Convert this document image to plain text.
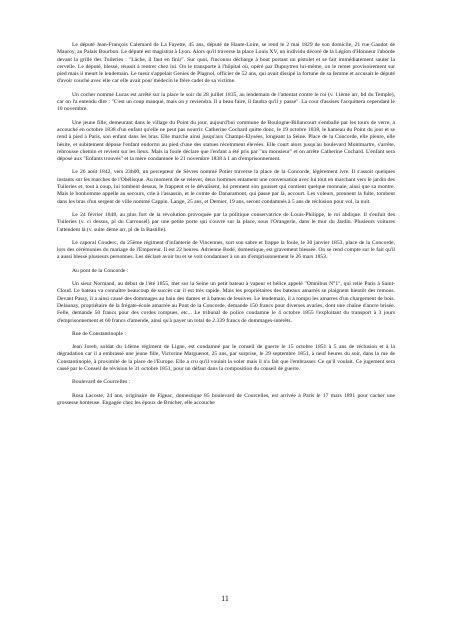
Le député Jean-François Calemard de La Fayette, 45 ans, député de Haute-Loire, se rend le 2 mai 1829 de son domicile, 21 rue Gaudot de Mauroy, au Palais Bourbon. Le député est magistrat à Lyon. Alors qu'il traverse la place Louis XV, un individu décoré de la Légion d'Honneur l'aborde devant la grille des Tuileries : "Lâche, il faut en finir". Sur quoi, l'inconnu décharge à bout portant un pistolet et se fait immédiatement sauter la cervelle. Le député, blessé, réussit à rentrer chez lui. On le transporte à l'hôpital où, opéré par Dupuytren lui-même, on le remet provisoirement sur pied mais il meurt le lendemain. Le tueur s'appelait Genies de Plagnol, officier de 52 ans, qui avait dissipé la fortune de sa femme et accusait le député d'avoir couché avec elle car elle avait pour médecin le frère cadet de sa victime.

Un cocher nommé Lucas est arrêté sur la place le soir du 28 juillet 1835, au lendemain de l'attentat contre le roi (v. 11ème arr, bd du Temple), car on l'a entendu dire : "C'est un coup manqué, mais on y reviendra. Il a beau faire, il faudra qu'il y passe". La cour d'assises l'acquittera cependant le 10 novembre.

Une jeune fille, demeurant dans le village du Point du jour, aujourd'hui commune de Boulogne-Billancourt s'emballe par les tours de verre, a accouché en octobre 1838 d'un enfant qu'elle ne peut pas nourrir. Catherine Cochard quitte donc, le 19 octobre 1838, le hameau du Point du jour et se rend à pied à Paris, son enfant dans les bras. Elle marche ainsi jusqu'aux Champs-Elysées, longeant la Seine. Place de la Concorde, elle pleure, elle hésite, et subitement dépose l'enfant endormi au pied d'une des statues récemment élevées. Elle court alors jusqu'au boulevard Montmartre, s'arrête, rebrousse chemin et revient sur les lieux. Mais la foule déclare que l'enfant a été pris par "un monsieur" et on arrête Catherine Cochard. L'enfant sera déposé aux "Enfants trouvés" et la mère condamnée le 21 novembre 1838 à 1 an d'emprisonnement.

Le 26 août 1842, vers 23h00, un percepteur de Sèvres nommé Potier traverse la place de la Concorde, légèrement ivre. Il s'assoit quelques instants sur les marches de l'Obélisque. Au moment de se relever, deux hommes entament une conversation avec lui tout en marchant vers le jardin des Tuileries et, tout à coup, lui tombent dessus, le frappent et le dévalisent, lui prennent son gousset qui contient quelque monnaie, ainsi que sa montre. Mais le bonhomme appelle au secours, crie à l'assassin, et le comte de Danaramont, qui passe par là, accourt. Les voleurs, prennent la fuite, tombent dans les bras d'un sergent de ville nommé Cappin. Lange, 25 ans, et Demier, 19 ans, seront condamnés à 5 ans de réclusion pour vol, la nuit.

Le 24 février 1848, au plus fort de la révolution provoquée par la politique conservatrice de Louis-Philippe, le roi abdique. Il s'enfuit des Tuileries (v. ci dessus, pl du Carrousel) par une petite porte qui s'ouvre sur la place, sous l'Orangerie, dans le mur du Jardin. Plusieurs voitures l'attendent là (v. suite 4ème arr, pl de la Bastille).

Le caporal Couderc, du 25ème régiment d'infanterie de Vincennes, sort son sabre et frappe la foule, le 30 janvier 1853, place de la Concorde, lors des cérémonies du mariage de l'Empereur. Il est 22 heures. Adrienne Bodé, domestique, est gravement blessée. On se rend compte sur le fait qu'il a aussi blessé plusieurs personnes. Les déclaré avoir bu et se voit condamner à un an d'emprisonnement le 26 mars 1853.

Au pont de la Concorde :

Un sieur Normand, au début de l'été 1855, met sur la Seine un petit bateau à vapeur et hélice appelé "Omnibus N°1", qui relie Paris à Saint-Cloud. Le bateau va connaître beaucoup de succès car il est très rapide. Mais les propriétaires des bateaux amarrés se plaignent bientôt des remous. Devant Passy, il a ainsi causé des dommages au bain des dames et à bateau de lessives. Le lendemain, il a rompu les amarres d'un chargement de bois. Delaunay, propriétaire de la frégate-école amarrée au Pont de la Concorde, demande 150 francs pour diverses avaries, dont une chaîne d'ancre brisée. Felle, demande 50 francs pour des cordes rompues, etc... Le tribunal de police condamne le 4 octobre 1855 l'exploitant du transport à 3 jours d'emprisonnement et 60 francs d'amende, ainsi qu'à payer un total de 2.339 francs de dommages-intérêts.

Rue de Constantinople :

Jean Joreb, soldat du 14ème régiment de Ligne, est condamné par le conseil de guerre le 15 octobre 1851 à 5 ans de réclusion et à la dégradation car il a embrassé une jeune fille, Victorine Marguenot, 25 ans, par surprise, le 29 septembre 1851, à neuf heures du soir, dans la rue de Constantinople, à proximité de la place de l'Europe. Elle a cru qu'il voulait la voler mais il n'a fait que l'embrasser. Ce qu'il voulait. Ce jugement sera cassé par le Conseil de révision le 31 octobre 1851, pour un défaut dans la composition du conseil de guerre.

Boulevard de Courcelles :

Rosa Lacoste, 24 ans, originaire de Figeac, domestique 85 boulevard de Courcelles, est arrivée à Paris le 17 mars 1891 pour cacher une grossesse honteuse. Engagée chez les époux de Brucher, elle accouche

11
